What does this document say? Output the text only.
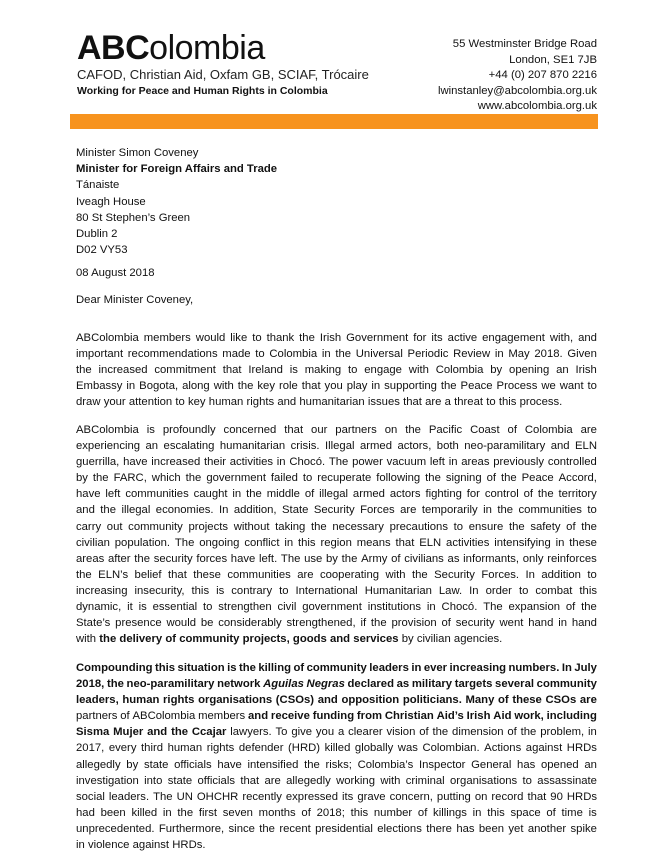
ABColombia
CAFOD, Christian Aid, Oxfam GB, SCIAF, Trócaire
Working for Peace and Human Rights in Colombia
55 Westminster Bridge Road
London, SE1 7JB
+44 (0) 207 870 2216
lwinstanley@abcolombia.org.uk
www.abcolombia.org.uk
Minister Simon Coveney
Minister for Foreign Affairs and Trade
Tánaiste
Iveagh House
80 St Stephen’s Green
Dublin 2
D02 VY53
08 August 2018
Dear Minister Coveney,
ABColombia members would like to thank the Irish Government for its active engagement with, and
important recommendations made to Colombia in the Universal Periodic Review in May 2018. Given
the increased commitment that Ireland is making to engage with Colombia by opening an Irish
Embassy in Bogota, along with the key role that you play in supporting the Peace Process we want to
draw your attention to key human rights and humanitarian issues that are a threat to this process.
ABColombia is profoundly concerned that our partners on the Pacific Coast of Colombia are
experiencing an escalating humanitarian crisis. Illegal armed actors, both neo-paramilitary and ELN
guerrilla, have increased their activities in Chocó. The power vacuum left in areas previously controlled
by the FARC, which the government failed to recuperate following the signing of the Peace Accord,
have left communities caught in the middle of illegal armed actors fighting for control of the territory
and the illegal economies. In addition, State Security Forces are temporarily in the communities to
carry out community projects without taking the necessary precautions to ensure the safety of the
civilian population. The ongoing conflict in this region means that ELN activities intensifying in these
areas after the security forces have left. The use by the Army of civilians as informants, only reinforces
the ELN’s belief that these communities are cooperating with the Security Forces. In addition to
increasing insecurity, this is contrary to International Humanitarian Law. In order to combat this
dynamic, it is essential to strengthen civil government institutions in Chocó. The expansion of the
State’s presence would be considerably strengthened, if the provision of security went hand in hand
with the delivery of community projects, goods and services by civilian agencies.
Compounding this situation is the killing of community leaders in ever increasing numbers. In July
2018, the neo-paramilitary network Aguilas Negras declared as military targets several community
leaders, human rights organisations (CSOs) and opposition politicians. Many of these CSOs are
partners of ABColombia members and receive funding from Christian Aid’s Irish Aid work, including
Sisma Mujer and the Ccajar lawyers. To give you a clearer vision of the dimension of the problem, in
2017, every third human rights defender (HRD) killed globally was Colombian. Actions against HRDs
allegedly by state officials have intensified the risks; Colombia’s Inspector General has opened an
investigation into state officials that are allegedly working with criminal organisations to assassinate
social leaders. The UN OHCHR recently expressed its grave concern, putting on record that 90 HRDs
had been killed in the first seven months of 2018; this number of killings in this space of time is
unprecedented. Furthermore, since the recent presidential elections there has been yet another spike
in violence against HRDs.
